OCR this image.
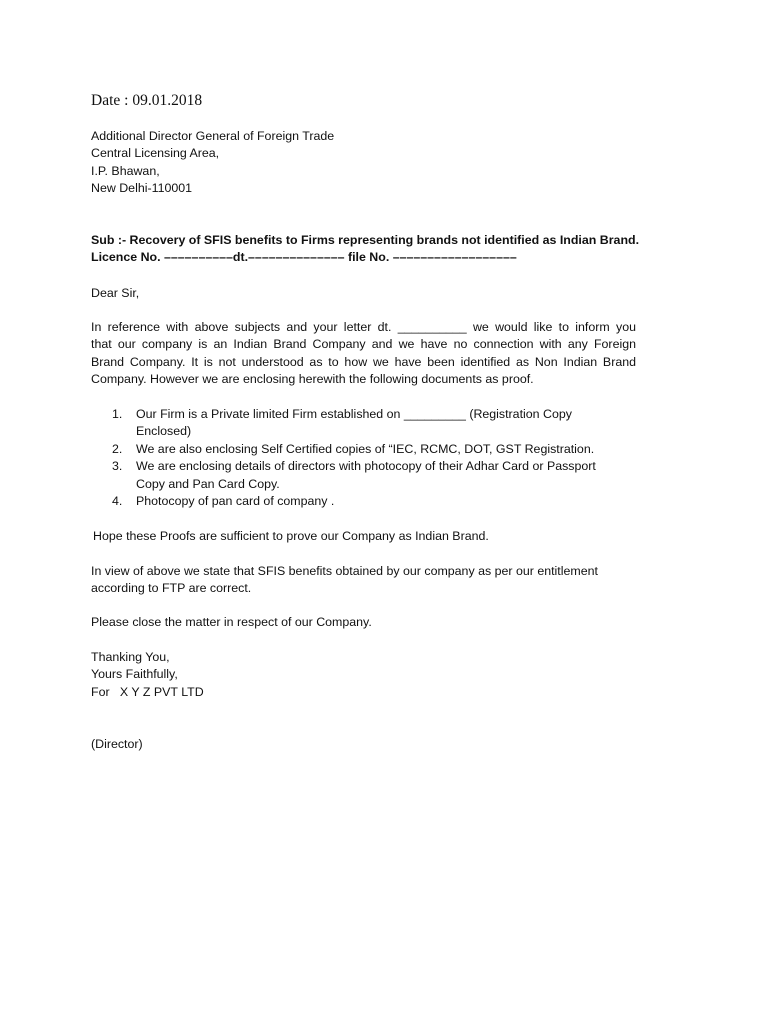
Date : 09.01.2018
Additional Director General of Foreign Trade
Central Licensing Area,
I.P. Bhawan,
New Delhi-110001
Sub :- Recovery of SFIS benefits to Firms representing brands not identified as Indian Brand.
Licence No. ––––––––––dt.–––––––––––––– file No. ––––––––––––––––––
Dear Sir,
In reference with above subjects and your letter dt. __________ we would like to inform you
that our company is an Indian Brand Company and we have no connection with any Foreign
Brand Company. It is not understood as to how we have been identified as Non Indian Brand
Company. However we are enclosing herewith the following documents as proof.
1. Our Firm is a Private limited Firm established on _________ (Registration Copy
Enclosed)
2. We are also enclosing Self Certified copies of “IEC, RCMC, DOT, GST Registration.
3. We are enclosing details of directors with photocopy of their Adhar Card or Passport
Copy and Pan Card Copy.
4. Photocopy of pan card of company .
Hope these Proofs are sufficient to prove our Company as Indian Brand.
In view of above we state that SFIS benefits obtained by our company as per our entitlement
according to FTP are correct.
Please close the matter in respect of our Company.
Thanking You,
Yours Faithfully,
For   X Y Z PVT LTD
(Director)
